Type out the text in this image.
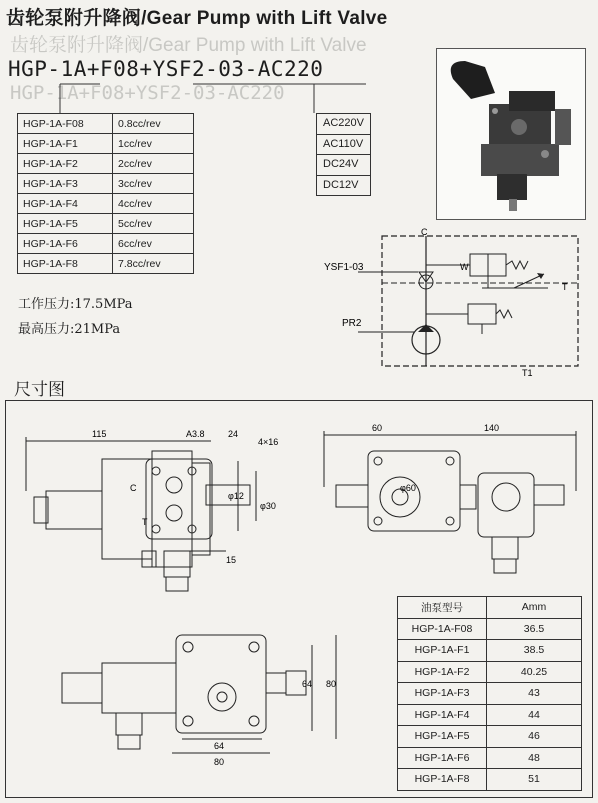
齿轮泵附升降阀/Gear Pump with Lift Valve
HGP-1A+F08+YSF2-03-AC220
齿轮泵附升降阀/Gear Pump with Lift Valve
HGP-1A+F08+YSF2-03-AC220
HGP-1A-F08	0.8cc/rev
HGP-1A-F1	1cc/rev
HGP-1A-F2	2cc/rev
HGP-1A-F3	3cc/rev
HGP-1A-F4	4cc/rev
HGP-1A-F5	5cc/rev
HGP-1A-F6	6cc/rev
HGP-1A-F8	7.8cc/rev
AC220V
AC110V
DC24V
DC12V
工作压力:17.5MPa
最高压力:21MPa
C
W
T
T1
YSF1-03
PR2
尺寸图
115	A3.8	24
4×16
φ12
φ30
15
C
T
60	140
φ60
64 80
64
80
油泵型号	Amm
HGP-1A-F08	36.5
HGP-1A-F1	38.5
HGP-1A-F2	40.25
HGP-1A-F3	43
HGP-1A-F4	44
HGP-1A-F5	46
HGP-1A-F6	48
HGP-1A-F8	51
